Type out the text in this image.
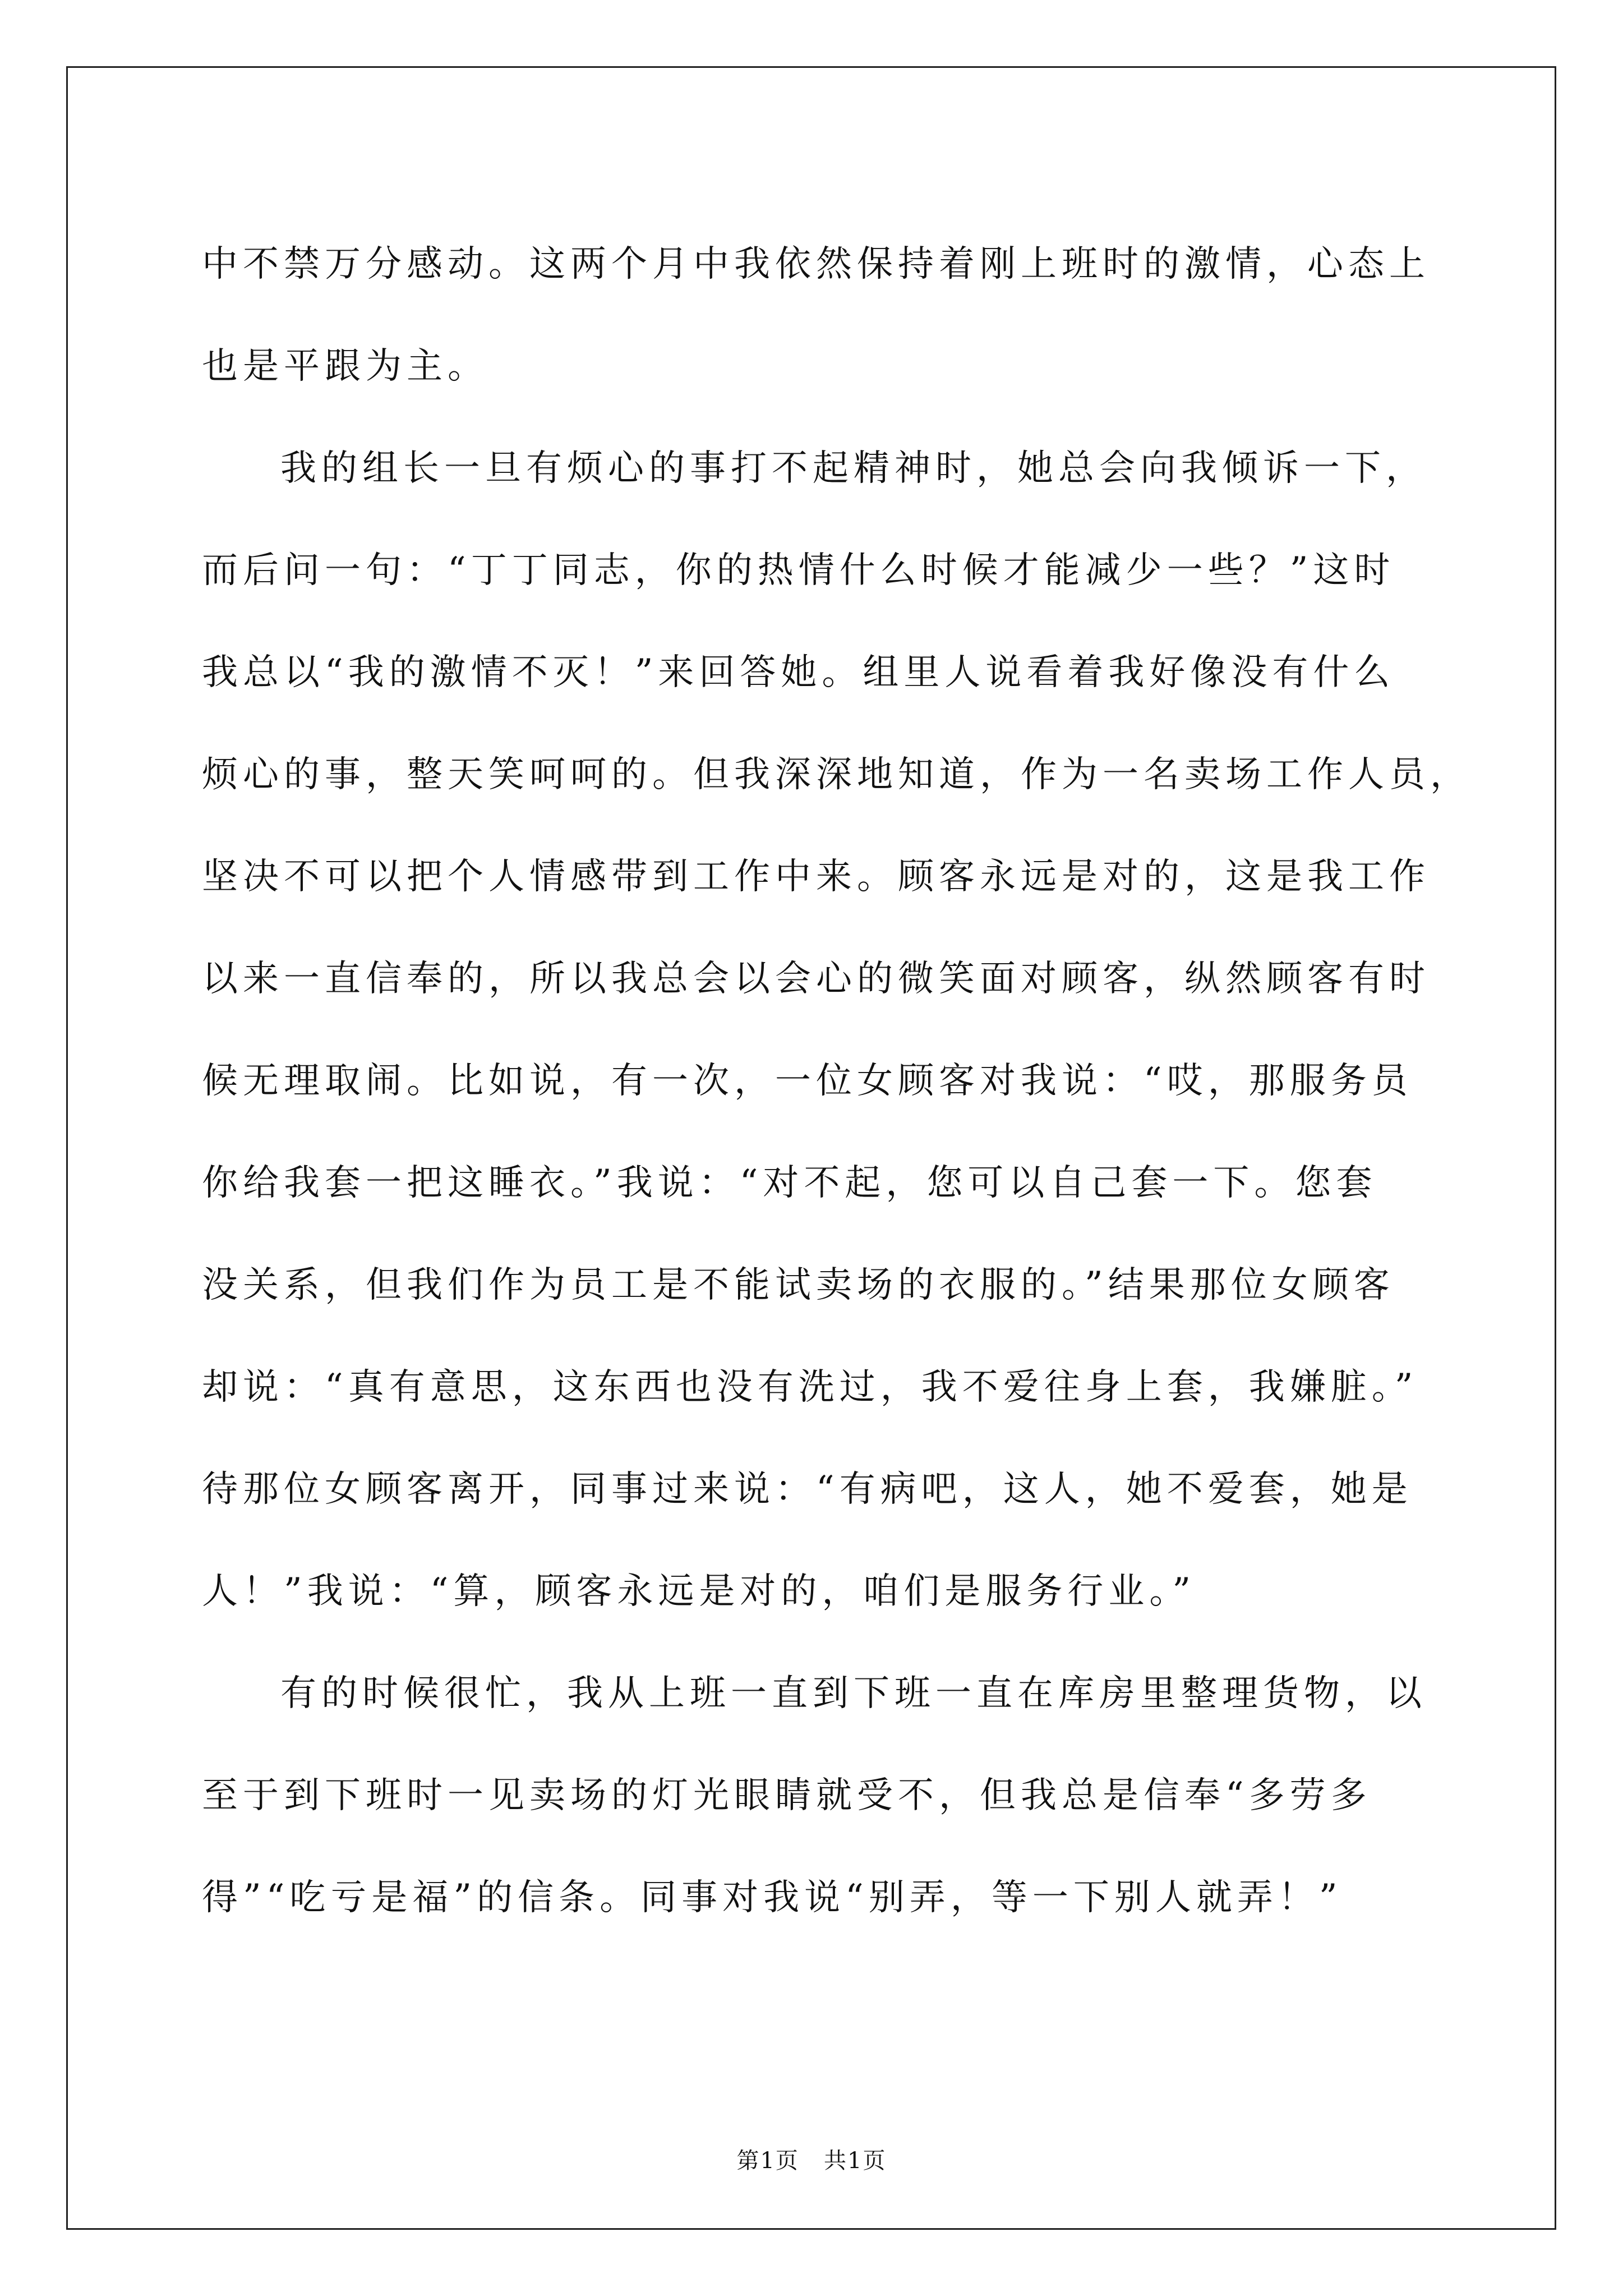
中不禁万分感动。这两个月中我依然保持着刚上班时的激情，心态上
也是平跟为主。
我的组长一旦有烦心的事打不起精神时，她总会向我倾诉一下，
而后问一句：“丁丁同志，你的热情什么时候才能减少一些？”这时
我总以“我的激情不灭！”来回答她。组里人说看着我好像没有什么
烦心的事，整天笑呵呵的。但我深深地知道，作为一名卖场工作人员，
坚决不可以把个人情感带到工作中来。顾客永远是对的，这是我工作
以来一直信奉的，所以我总会以会心的微笑面对顾客，纵然顾客有时
候无理取闹。比如说，有一次，一位女顾客对我说：“哎，那服务员
你给我套一把这睡衣。”我说：“对不起，您可以自己套一下。您套
没关系，但我们作为员工是不能试卖场的衣服的。”结果那位女顾客
却说：“真有意思，这东西也没有洗过，我不爱往身上套，我嫌脏。”
待那位女顾客离开，同事过来说：“有病吧，这人，她不爱套，她是
人！”我说：“算，顾客永远是对的，咱们是服务行业。”
有的时候很忙，我从上班一直到下班一直在库房里整理货物，以
至于到下班时一见卖场的灯光眼睛就受不，但我总是信奉“多劳多
得”“吃亏是福”的信条。同事对我说“别弄，等一下别人就弄！”
第1页   共1页
